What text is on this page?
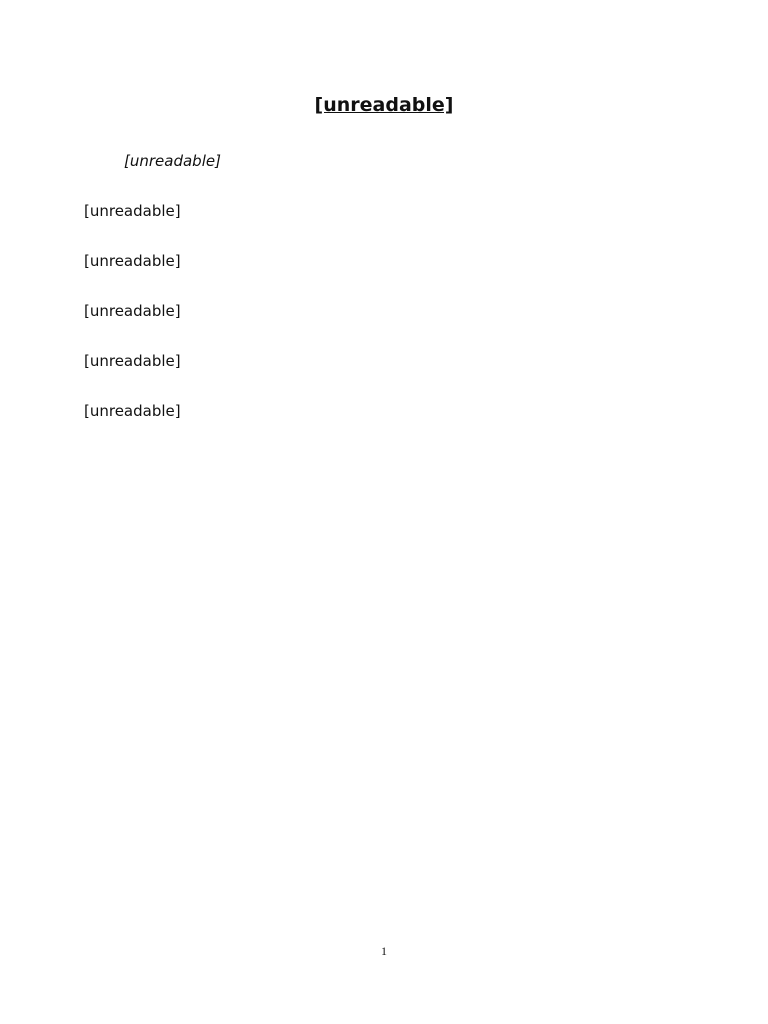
[unreadable]

[unreadable]

[unreadable]

[unreadable]

[unreadable]

[unreadable]

[unreadable]

1
